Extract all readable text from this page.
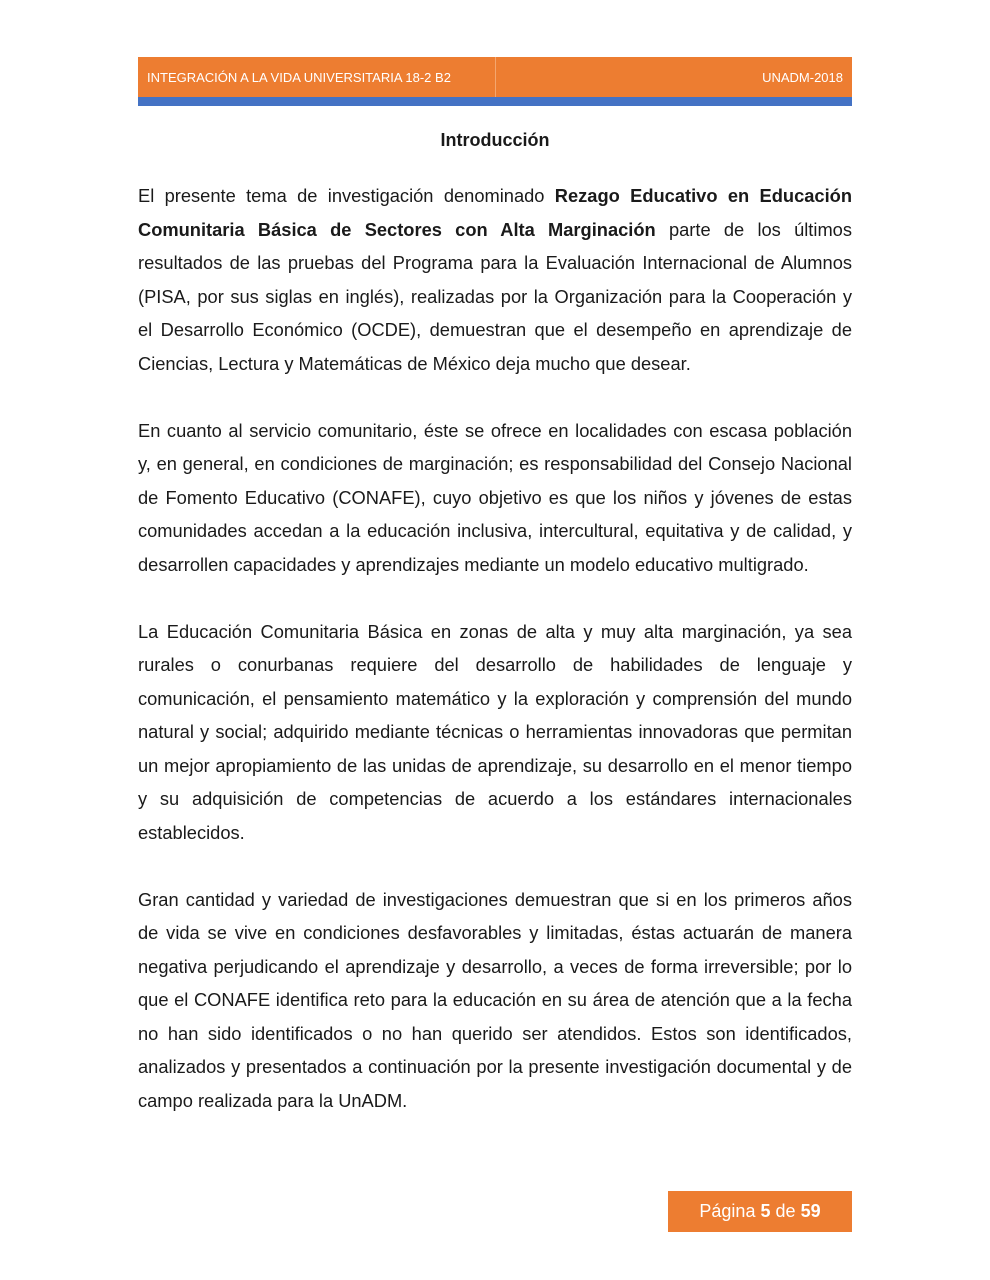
INTEGRACIÓN A LA VIDA UNIVERSITARIA 18-2 B2	UNADM-2018
Introducción

El presente tema de investigación denominado Rezago Educativo en Educación Comunitaria Básica de Sectores con Alta Marginación parte de los últimos resultados de las pruebas del Programa para la Evaluación Internacional de Alumnos (PISA, por sus siglas en inglés), realizadas por la Organización para la Cooperación y el Desarrollo Económico (OCDE), demuestran que el desempeño en aprendizaje de Ciencias, Lectura y Matemáticas de México deja mucho que desear.

En cuanto al servicio comunitario, éste se ofrece en localidades con escasa población y, en general, en condiciones de marginación; es responsabilidad del Consejo Nacional de Fomento Educativo (CONAFE), cuyo objetivo es que los niños y jóvenes de estas comunidades accedan a la educación inclusiva, intercultural, equitativa y de calidad, y desarrollen capacidades y aprendizajes mediante un modelo educativo multigrado.

La Educación Comunitaria Básica en zonas de alta y muy alta marginación, ya sea rurales o conurbanas requiere del desarrollo de habilidades de lenguaje y comunicación, el pensamiento matemático y la exploración y comprensión del mundo natural y social; adquirido mediante técnicas o herramientas innovadoras que permitan un mejor apropiamiento de las unidas de aprendizaje, su desarrollo en el menor tiempo y su adquisición de competencias de acuerdo a los estándares internacionales establecidos.

Gran cantidad y variedad de investigaciones demuestran que si en los primeros años de vida se vive en condiciones desfavorables y limitadas, éstas actuarán de manera negativa perjudicando el aprendizaje y desarrollo, a veces de forma irreversible; por lo que el CONAFE identifica reto para la educación en su área de atención que a la fecha no han sido identificados o no han querido ser atendidos. Estos son identificados, analizados y presentados a continuación por la presente investigación documental y de campo realizada para la UnADM.

Página 5 de 59
